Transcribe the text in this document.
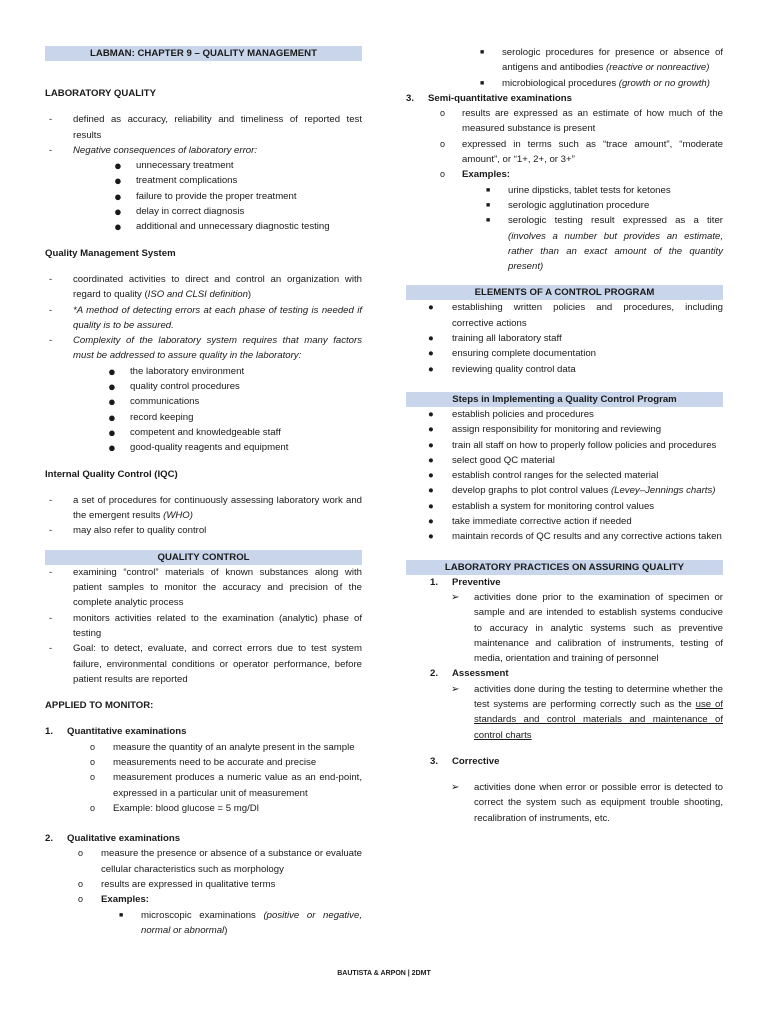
LABMAN: CHAPTER 9 – QUALITY MANAGEMENT
LABORATORY QUALITY
- defined as accuracy, reliability and timeliness of reported test results
- Negative consequences of laboratory error:
● unnecessary treatment
● treatment complications
● failure to provide the proper treatment
● delay in correct diagnosis
● additional and unnecessary diagnostic testing
Quality Management System
- coordinated activities to direct and control an organization with regard to quality (ISO and CLSI definition)
- *A method of detecting errors at each phase of testing is needed if quality is to be assured.
- Complexity of the laboratory system requires that many factors must be addressed to assure quality in the laboratory:
● the laboratory environment
● quality control procedures
● communications
● record keeping
● competent and knowledgeable staff
● good-quality reagents and equipment
Internal Quality Control (IQC)
- a set of procedures for continuously assessing laboratory work and the emergent results (WHO)
- may also refer to quality control
QUALITY CONTROL
- examining “control” materials of known substances along with patient samples to monitor the accuracy and precision of the complete analytic process
- monitors activities related to the examination (analytic) phase of testing
- Goal: to detect, evaluate, and correct errors due to test system failure, environmental conditions or operator performance, before patient results are reported
APPLIED TO MONITOR:
1. Quantitative examinations
o measure the quantity of an analyte present in the sample
o measurements need to be accurate and precise
o measurement produces a numeric value as an end-point, expressed in a particular unit of measurement
o Example: blood glucose = 5 mg/Dl
2. Qualitative examinations
o measure the presence or absence of a substance or evaluate cellular characteristics such as morphology
o results are expressed in qualitative terms
o Examples:
■ microscopic examinations (positive or negative, normal or abnormal)
■ serologic procedures for presence or absence of antigens and antibodies (reactive or nonreactive)
■ microbiological procedures (growth or no growth)
3. Semi-quantitative examinations
o results are expressed as an estimate of how much of the measured substance is present
o expressed in terms such as “trace amount”, “moderate amount”, or “1+, 2+, or 3+”
o Examples:
■ urine dipsticks, tablet tests for ketones
■ serologic agglutination procedure
■ serologic testing result expressed as a titer (involves a number but provides an estimate, rather than an exact amount of the quantity present)
ELEMENTS OF A CONTROL PROGRAM
● establishing written policies and procedures, including corrective actions
● training all laboratory staff
● ensuring complete documentation
● reviewing quality control data
Steps in Implementing a Quality Control Program
● establish policies and procedures
● assign responsibility for monitoring and reviewing
● train all staff on how to properly follow policies and procedures
● select good QC material
● establish control ranges for the selected material
● develop graphs to plot control values (Levey–Jennings charts)
● establish a system for monitoring control values
● take immediate corrective action if needed
● maintain records of QC results and any corrective actions taken
LABORATORY PRACTICES ON ASSURING QUALITY
1. Preventive
➢ activities done prior to the examination of specimen or sample and are intended to establish systems conducive to accuracy in analytic systems such as preventive maintenance and calibration of instruments, testing of media, orientation and training of personnel
2. Assessment
➢ activities done during the testing to determine whether the test systems are performing correctly such as the use of standards and control materials and maintenance of control charts
3. Corrective
➢ activities done when error or possible error is detected to correct the system such as equipment trouble shooting, recalibration of instruments, etc.
BAUTISTA & ARPON | 2DMT
